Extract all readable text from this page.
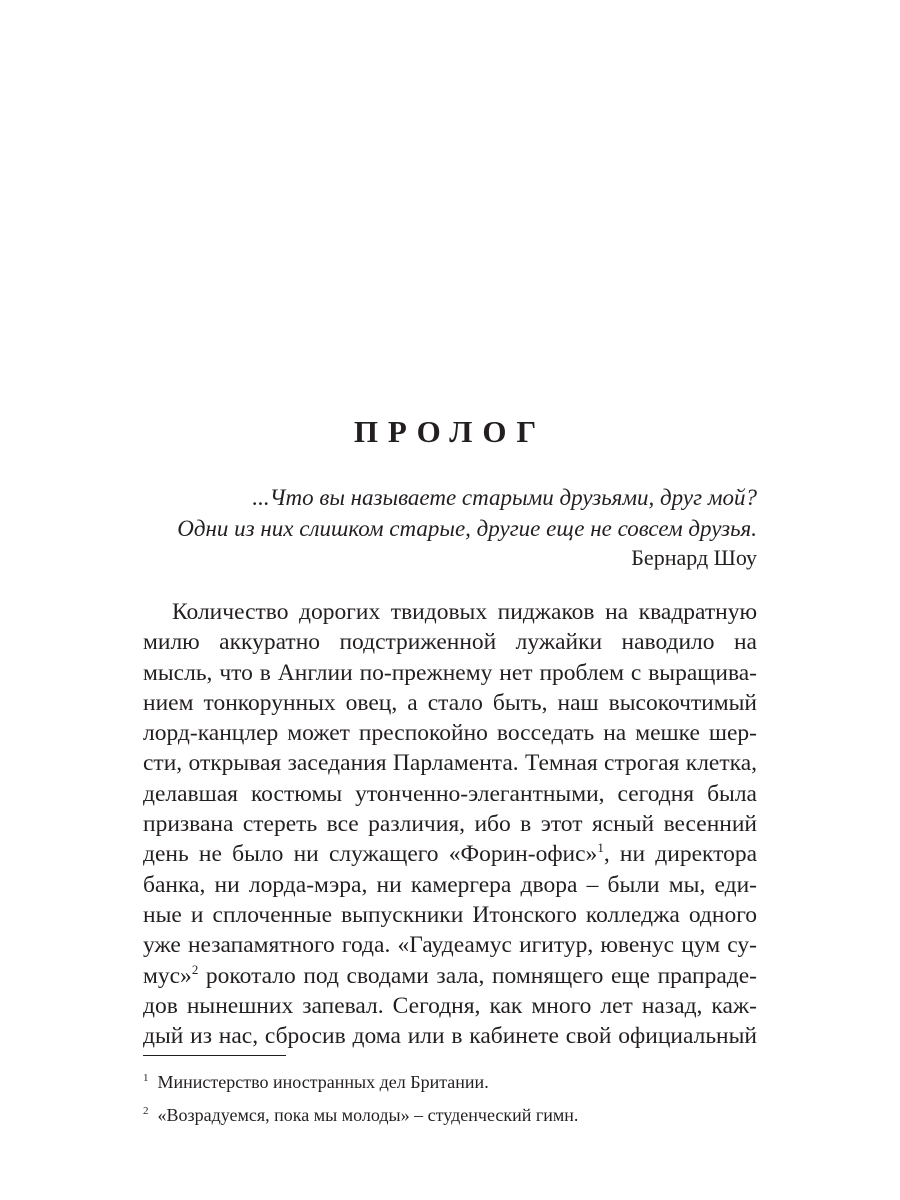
ПРОЛОГ
...Что вы называете старыми друзьями, друг мой?
Одни из них слишком старые, другие еще не совсем друзья.
Бернард Шоу
Количество дорогих твидовых пиджаков на квадратную
милю аккуратно подстриженной лужайки наводило на
мысль, что в Англии по-прежнему нет проблем с выращива-
нием тонкорунных овец, а стало быть, наш высокочтимый
лорд-канцлер может преспокойно восседать на мешке шер-
сти, открывая заседания Парламента. Темная строгая клетка,
делавшая костюмы утонченно-элегантными, сегодня была
призвана стереть все различия, ибо в этот ясный весенний
день не было ни служащего «Форин-офис»$^1$, ни директора
банка, ни лорда-мэра, ни камергера двора – были мы, еди-
ные и сплоченные выпускники Итонского колледжа одного
уже незапамятного года. «Гаудеамус игитур, ювенус цум су-
мус»$^2$ рокотало под сводами зала, помнящего еще прапраде-
дов нынешних запевал. Сегодня, как много лет назад, каж-
дый из нас, сбросив дома или в кабинете свой официальный
$^1$ Министерство иностранных дел Британии.
$^2$ «Возрадуемся, пока мы молоды» – студенческий гимн.
